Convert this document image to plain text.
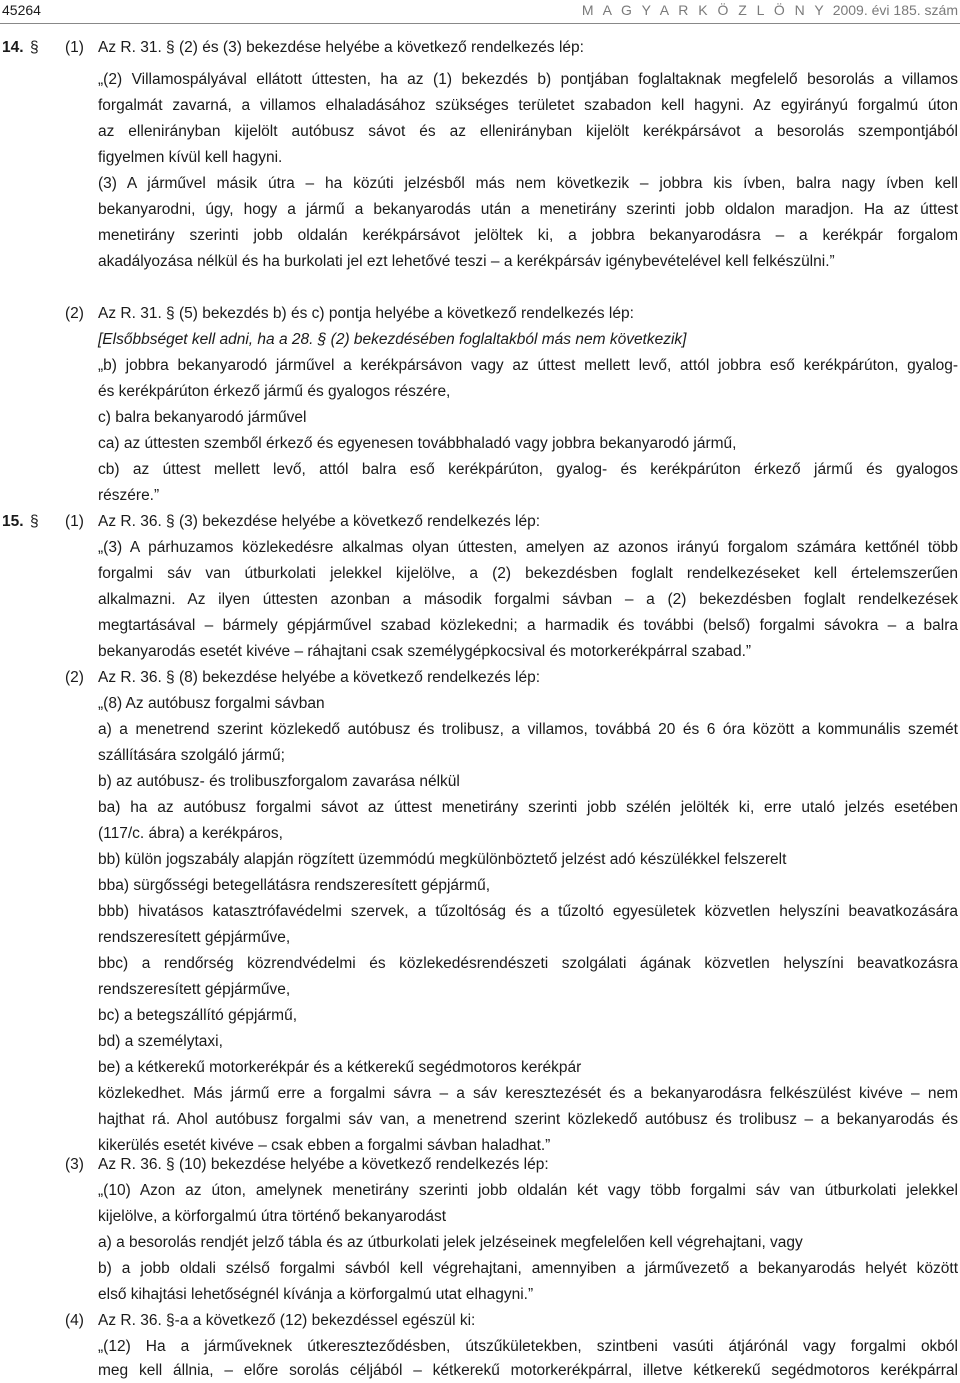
45264	M A G Y A R K Ö Z L Ö N Y 2009. évi 185. szám
14. § (1)
(2)
15. § (1)
(2)
(3)
(4)
Az R. 31. § (2) és (3) bekezdése helyébe a következő rendelkezés lép:
„(2) Villamospályával ellátott úttesten, ha az (1) bekezdés b) pontjában foglaltaknak megfelelő besorolás a villamos
forgalmát zavarná, a villamos elhaladásához szükséges területet szabadon kell hagyni. Az egyirányú forgalmú úton
az ellenirányban kijelölt autóbusz sávot és az ellenirányban kijelölt kerékpársávot a besorolás szempontjából
figyelmen kívül kell hagyni.
(3) A járművel másik útra – ha közúti jelzésből más nem következik – jobbra kis ívben, balra nagy ívben kell
bekanyarodni, úgy, hogy a jármű a bekanyarodás után a menetirány szerinti jobb oldalon maradjon. Ha az úttest
menetirány szerinti jobb oldalán kerékpársávot jelöltek ki, a jobbra bekanyarodásra – a kerékpár forgalom
akadályozása nélkül és ha burkolati jel ezt lehetővé teszi – a kerékpársáv igénybevételével kell felkészülni.”
Az R. 31. § (5) bekezdés b) és c) pontja helyébe a következő rendelkezés lép:
[Elsőbbséget kell adni, ha a 28. § (2) bekezdésében foglaltakból más nem következik]
„b) jobbra bekanyarodó járművel a kerékpársávon vagy az úttest mellett levő, attól jobbra eső kerékpárúton, gyalog-
és kerékpárúton érkező jármű és gyalogos részére,
c) balra bekanyarodó járművel
ca) az úttesten szemből érkező és egyenesen továbbhaladó vagy jobbra bekanyarodó jármű,
cb) az úttest mellett levő, attól balra eső kerékpárúton, gyalog- és kerékpárúton érkező jármű és gyalogos
részére.”
Az R. 36. § (3) bekezdése helyébe a következő rendelkezés lép:
„(3) A párhuzamos közlekedésre alkalmas olyan úttesten, amelyen az azonos irányú forgalom számára kettőnél több
forgalmi sáv van útburkolati jelekkel kijelölve, a (2) bekezdésben foglalt rendelkezéseket kell értelemszerűen
alkalmazni. Az ilyen úttesten azonban a második forgalmi sávban – a (2) bekezdésben foglalt rendelkezések
megtartásával – bármely gépjárművel szabad közlekedni; a harmadik és további (belső) forgalmi sávokra – a balra
bekanyarodás esetét kivéve – ráhajtani csak személygépkocsival és motorkerékpárral szabad.”
Az R. 36. § (8) bekezdése helyébe a következő rendelkezés lép:
„(8) Az autóbusz forgalmi sávban
a) a menetrend szerint közlekedő autóbusz és trolibusz, a villamos, továbbá 20 és 6 óra között a kommunális szemét
szállítására szolgáló jármű;
b) az autóbusz- és trolibuszforgalom zavarása nélkül
ba) ha az autóbusz forgalmi sávot az úttest menetirány szerinti jobb szélén jelölték ki, erre utaló jelzés esetében
(117/c. ábra) a kerékpáros,
bb) külön jogszabály alapján rögzített üzemmódú megkülönböztető jelzést adó készülékkel felszerelt
bba) sürgősségi betegellátásra rendszeresített gépjármű,
bbb) hivatásos katasztrófavédelmi szervek, a tűzoltóság és a tűzoltó egyesületek közvetlen helyszíni beavatkozására
rendszeresített gépjárműve,
bbc) a rendőrség közrendvédelmi és közlekedésrendészeti szolgálati ágának közvetlen helyszíni beavatkozásra
rendszeresített gépjárműve,
bc) a betegszállító gépjármű,
bd) a személytaxi,
be) a kétkerekű motorkerékpár és a kétkerekű segédmotoros kerékpár
közlekedhet. Más jármű erre a forgalmi sávra – a sáv keresztezését és a bekanyarodásra felkészülést kivéve – nem
hajthat rá. Ahol autóbusz forgalmi sáv van, a menetrend szerint közlekedő autóbusz és trolibusz – a bekanyarodás és
kikerülés esetét kivéve – csak ebben a forgalmi sávban haladhat.”
Az R. 36. § (10) bekezdése helyébe a következő rendelkezés lép:
„(10) Azon az úton, amelynek menetirány szerinti jobb oldalán két vagy több forgalmi sáv van útburkolati jelekkel
kijelölve, a körforgalmú útra történő bekanyarodást
a) a besorolás rendjét jelző tábla és az útburkolati jelek jelzéseinek megfelelően kell végrehajtani, vagy
b) a jobb oldali szélső forgalmi sávból kell végrehajtani, amennyiben a járművezető a bekanyarodás helyét között
első kihajtási lehetőségnél kívánja a körforgalmú utat elhagyni.”
Az R. 36. §-a a következő (12) bekezdéssel egészül ki:
„(12) Ha a járműveknek útkereszteződésben, útszűkületekben, szintbeni vasúti átjárónál vagy forgalmi okból
meg kell állnia, – előre sorolás céljából – kétkerekű motorkerékpárral, illetve kétkerekű segédmotoros kerékpárral
